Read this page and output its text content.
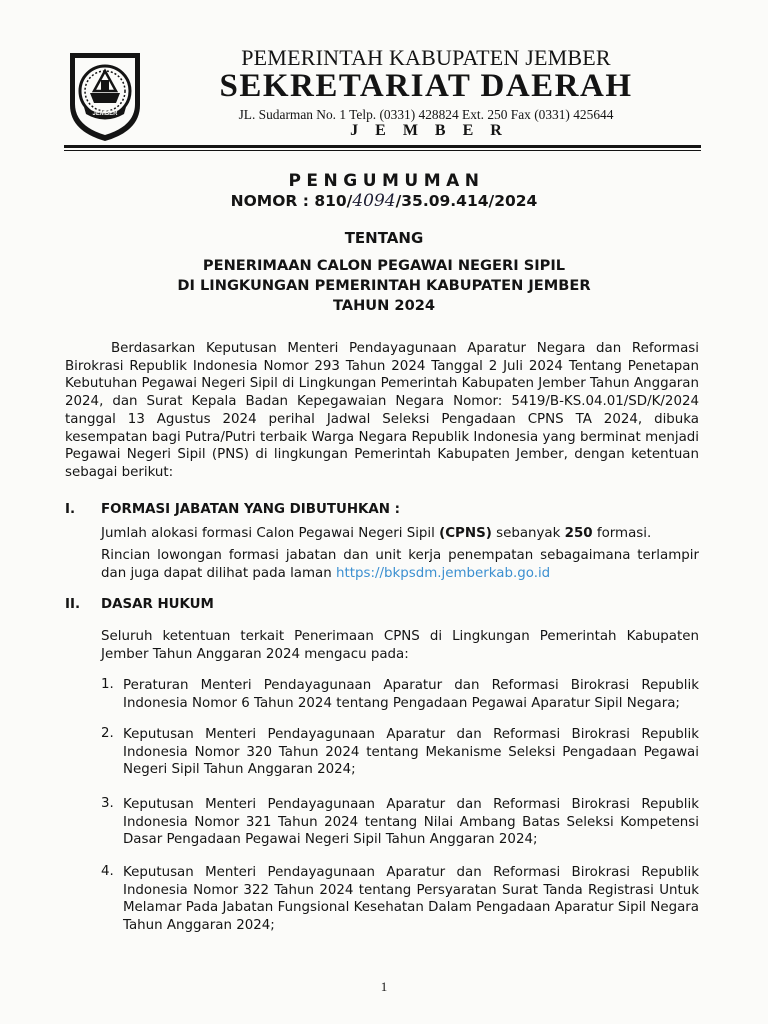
JEMBER
PEMERINTAH KABUPATEN JEMBER
SEKRETARIAT DAERAH
JL. Sudarman No. 1 Telp. (0331) 428824 Ext. 250 Fax (0331) 425644
JEMBER
PENGUMUMAN
NOMOR : 810/4094/35.09.414/2024
TENTANG
PENERIMAAN CALON PEGAWAI NEGERI SIPIL
DI LINGKUNGAN PEMERINTAH KABUPATEN JEMBER
TAHUN 2024
Berdasarkan Keputusan Menteri Pendayagunaan Aparatur Negara dan Reformasi Birokrasi Republik Indonesia Nomor 293 Tahun 2024 Tanggal 2 Juli 2024 Tentang Penetapan Kebutuhan Pegawai Negeri Sipil di Lingkungan Pemerintah Kabupaten Jember Tahun Anggaran 2024, dan Surat Kepala Badan Kepegawaian Negara Nomor: 5419/B-KS.04.01/SD/K/2024 tanggal 13 Agustus 2024 perihal Jadwal Seleksi Pengadaan CPNS TA 2024, dibuka kesempatan bagi Putra/Putri terbaik Warga Negara Republik Indonesia yang berminat menjadi Pegawai Negeri Sipil (PNS) di lingkungan Pemerintah Kabupaten Jember, dengan ketentuan sebagai berikut:
I. FORMASI JABATAN YANG DIBUTUHKAN :
Jumlah alokasi formasi Calon Pegawai Negeri Sipil (CPNS) sebanyak 250 formasi.
Rincian lowongan formasi jabatan dan unit kerja penempatan sebagaimana terlampir dan juga dapat dilihat pada laman https://bkpsdm.jemberkab.go.id
II. DASAR HUKUM
Seluruh ketentuan terkait Penerimaan CPNS di Lingkungan Pemerintah Kabupaten Jember Tahun Anggaran 2024 mengacu pada:
1. Peraturan Menteri Pendayagunaan Aparatur dan Reformasi Birokrasi Republik Indonesia Nomor 6 Tahun 2024 tentang Pengadaan Pegawai Aparatur Sipil Negara;
2. Keputusan Menteri Pendayagunaan Aparatur dan Reformasi Birokrasi Republik Indonesia Nomor 320 Tahun 2024 tentang Mekanisme Seleksi Pengadaan Pegawai Negeri Sipil Tahun Anggaran 2024;
3. Keputusan Menteri Pendayagunaan Aparatur dan Reformasi Birokrasi Republik Indonesia Nomor 321 Tahun 2024 tentang Nilai Ambang Batas Seleksi Kompetensi Dasar Pengadaan Pegawai Negeri Sipil Tahun Anggaran 2024;
4. Keputusan Menteri Pendayagunaan Aparatur dan Reformasi Birokrasi Republik Indonesia Nomor 322 Tahun 2024 tentang Persyaratan Surat Tanda Registrasi Untuk Melamar Pada Jabatan Fungsional Kesehatan Dalam Pengadaan Aparatur Sipil Negara Tahun Anggaran 2024;
1
